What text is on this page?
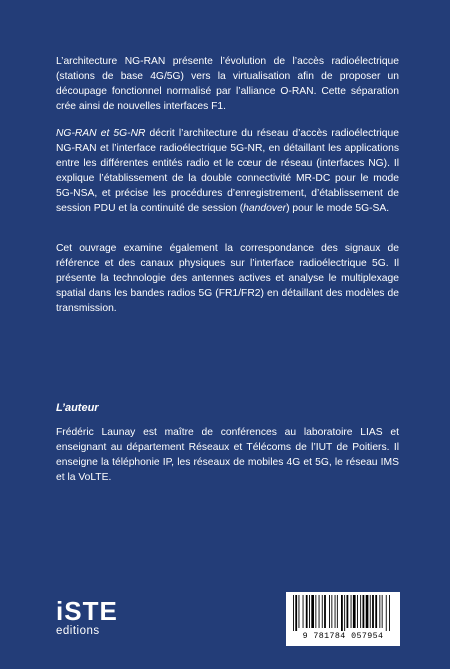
L’architecture NG-RAN présente l’évolution de l’accès radioélectrique (stations de base 4G/5G) vers la virtualisation afin de proposer un découpage fonctionnel normalisé par l’alliance O-RAN. Cette séparation crée ainsi de nouvelles interfaces F1.

NG-RAN et 5G-NR décrit l’architecture du réseau d’accès radioélectrique NG-RAN et l’interface radioélectrique 5G-NR, en détaillant les applications entre les différentes entités radio et le cœur de réseau (interfaces NG). Il explique l’établissement de la double connectivité MR-DC pour le mode 5G-NSA, et précise les procédures d’enregistrement, d’établissement de session PDU et la continuité de session (handover) pour le mode 5G-SA.

Cet ouvrage examine également la correspondance des signaux de référence et des canaux physiques sur l’interface radioélectrique 5G. Il présente la technologie des antennes actives et analyse le multiplexage spatial dans les bandes radios 5G (FR1/FR2) en détaillant des modèles de transmission.

L’auteur

Frédéric Launay est maître de conférences au laboratoire LIAS et enseignant au département Réseaux et Télécoms de l’IUT de Poitiers. Il enseigne la téléphonie IP, les réseaux de mobiles 4G et 5G, le réseau IMS et la VoLTE.

iSTE
editions	9 781784 057954
